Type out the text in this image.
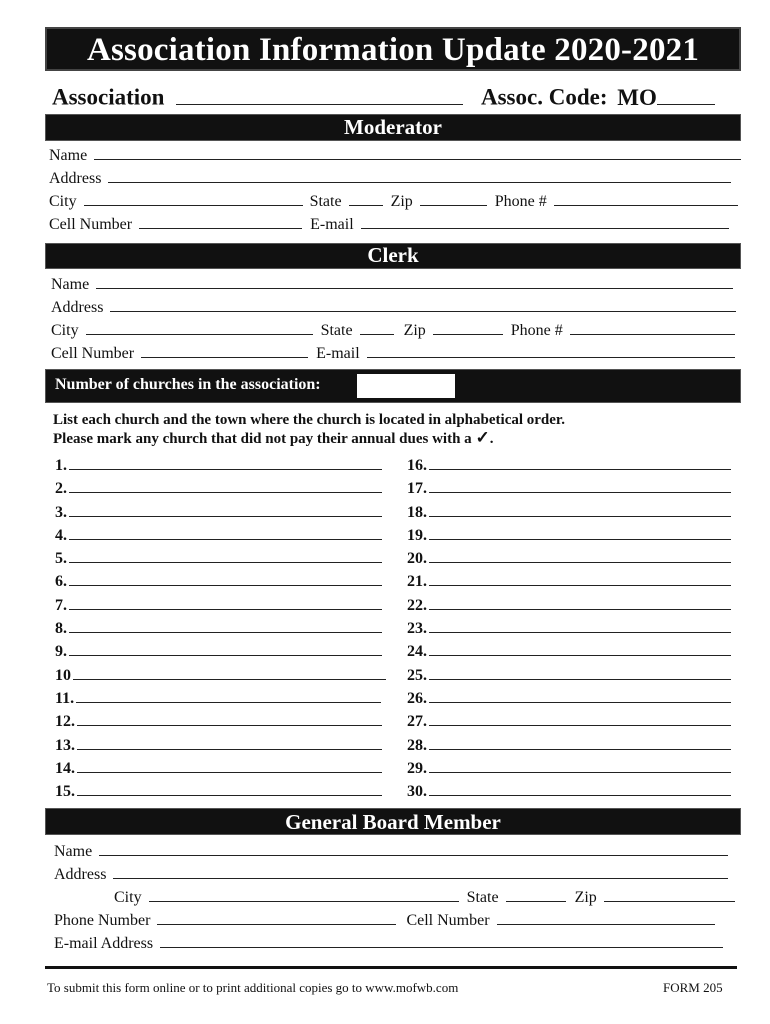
Association Information Update 2020-2021
Association	Assoc. Code: MO
Moderator
Name
Address
City	State	Zip	Phone #
Cell Number	E-mail
Clerk
Name
Address
City	State	Zip	Phone #
Cell Number	E-mail
Number of churches in the association:
List each church and the town where the church is located in alphabetical order.
Please mark any church that did not pay their annual dues with a ✓.
1.
2.
3.
4.
5.
6.
7.
8.
9.
10
11.
12.
13.
14.
15.
16.
17.
18.
19.
20.
21.
22.
23.
24.
25.
26.
27.
28.
29.
30.
General Board Member
Name
Address
City	State	Zip
Phone Number	Cell Number
E-mail Address
To submit this form online or to print additional copies go to www.mofwb.com	FORM 205
